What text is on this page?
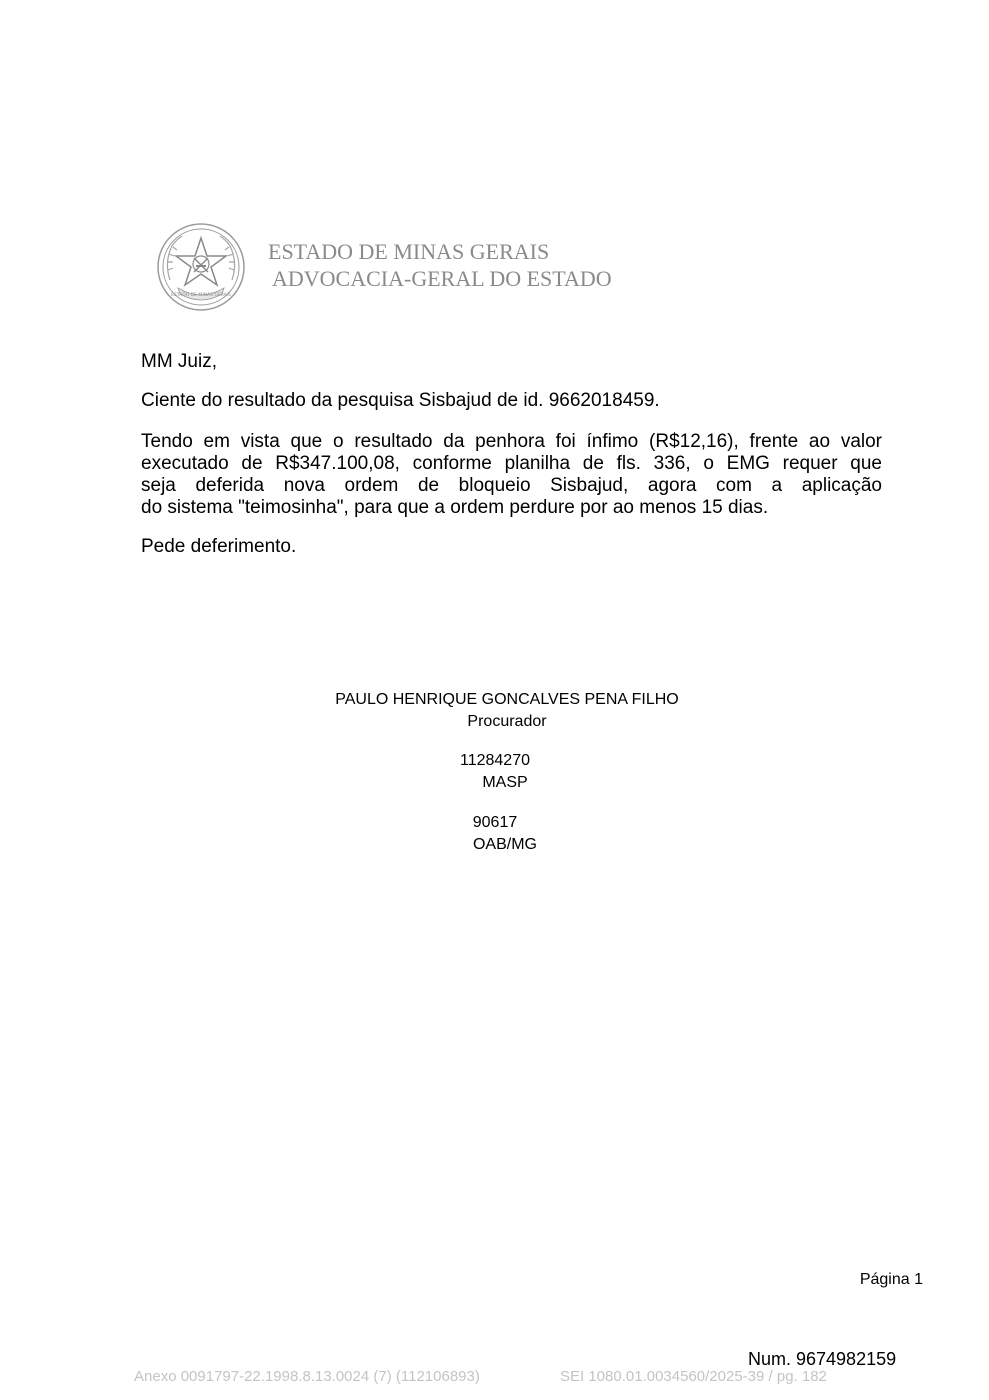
ESTADO DE MINAS GERAIS
ESTADO DE MINAS GERAIS
ADVOCACIA-GERAL DO ESTADO
MM Juiz,
Ciente do resultado da pesquisa Sisbajud de id. 9662018459.
Tendo em vista que o resultado da penhora foi ínfimo (R$12,16), frente ao valor
executado de R$347.100,08, conforme planilha de fls. 336, o EMG requer que
seja deferida nova ordem de bloqueio Sisbajud, agora com a aplicação
do sistema "teimosinha", para que a ordem perdure por ao menos 15 dias.
Pede deferimento.
PAULO HENRIQUE GONCALVES PENA FILHO
Procurador
11284270
MASP
90617
OAB/MG
Página 1
Num. 9674982159
Anexo 0091797-22.1998.8.13.0024 (7) (112106893)	SEI 1080.01.0034560/2025-39 / pg. 182
